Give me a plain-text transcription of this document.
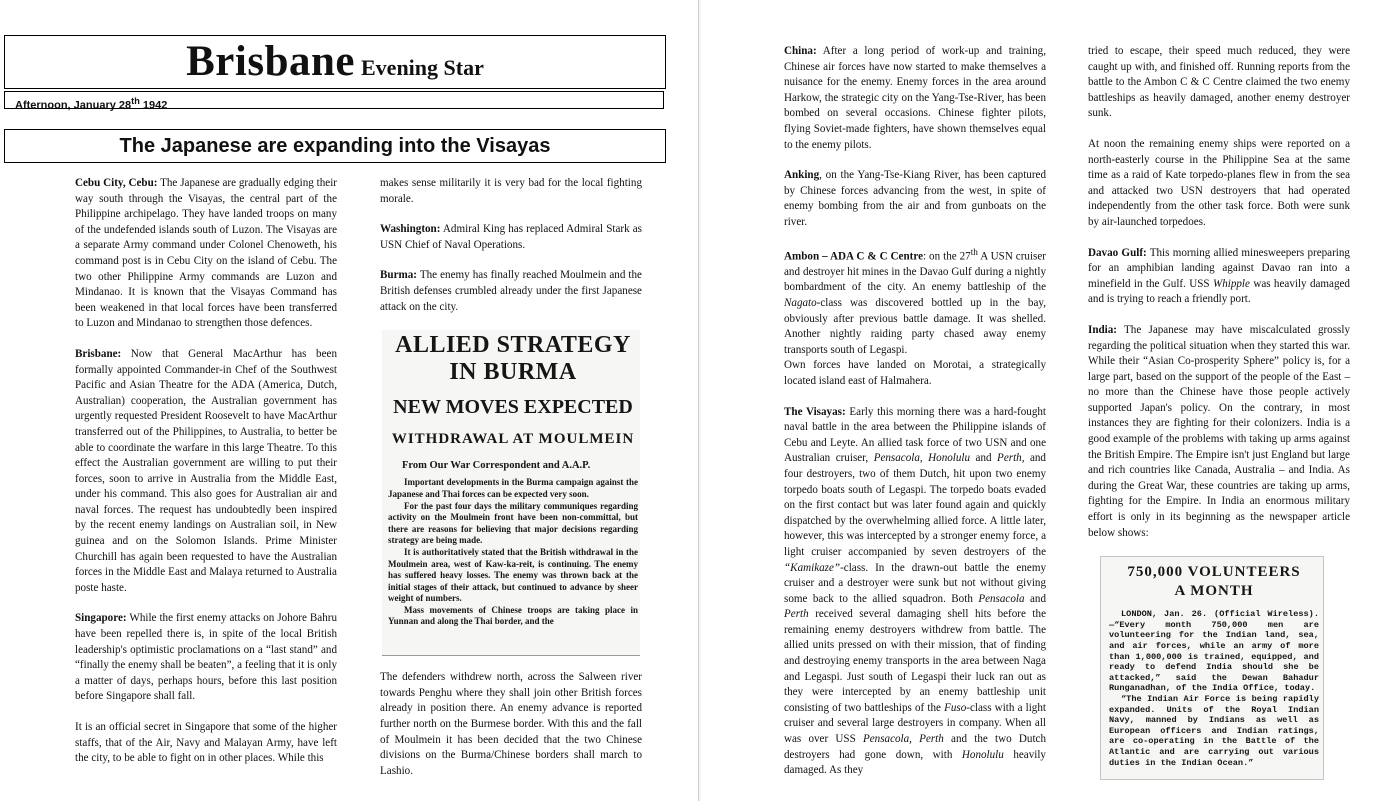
Brisbane Evening Star
Afternoon, January 28th 1942
The Japanese are expanding into the Visayas

Cebu City, Cebu: The Japanese are gradually edging their way south through the Visayas, the central part of the Philippine archipelago. They have landed troops on many of the undefended islands south of Luzon. The Visayas are a separate Army command under Colonel Chenoweth, his command post is in Cebu City on the island of Cebu. The two other Philippine Army commands are Luzon and Mindanao. It is known that the Visayas Command has been weakened in that local forces have been transferred to Luzon and Mindanao to strengthen those defences.

Brisbane: Now that General MacArthur has been formally appointed Commander-in Chef of the Southwest Pacific and Asian Theatre for the ADA (America, Dutch, Australian) cooperation, the Australian government has urgently requested President Roosevelt to have MacArthur transferred out of the Philippines, to Australia, to better be able to coordinate the warfare in this large Theatre. To this effect the Australian government are willing to put their forces, soon to arrive in Australia from the Middle East, under his command. This also goes for Australian air and naval forces. The request has undoubtedly been inspired by the recent enemy landings on Australian soil, in New guinea and on the Solomon Islands. Prime Minister Churchill has again been requested to have the Australian forces in the Middle East and Malaya returned to Australia poste haste.

Singapore: While the first enemy attacks on Johore Bahru have been repelled there is, in spite of the local British leadership's optimistic proclamations on a “last stand” and “finally the enemy shall be beaten”, a feeling that it is only a matter of days, perhaps hours, before this last position before Singapore shall fall.

It is an official secret in Singapore that some of the higher staffs, that of the Air, Navy and Malayan Army, have left the city, to be able to fight on in other places. While this

makes sense militarily it is very bad for the local fighting morale.

Washington: Admiral King has replaced Admiral Stark as USN Chief of Naval Operations.

Burma: The enemy has finally reached Moulmein and the British defenses crumbled already under the first Japanese attack on the city.

ALLIED STRATEGY IN BURMA
NEW MOVES EXPECTED
WITHDRAWAL AT MOULMEIN
From Our War Correspondent and A.A.P.

Important developments in the Burma campaign against the Japanese and Thai forces can be expected very soon.

For the past four days the military communiques regarding activity on the Moulmein front have been non-committal, but there are reasons for believing that major decisions regarding strategy are being made.

It is authoritatively stated that the British withdrawal in the Moulmein area, west of Kaw-ka-reit, is continuing. The enemy has suffered heavy losses. The enemy was thrown back at the initial stages of their attack, but continued to advance by sheer weight of numbers.

Mass movements of Chinese troops are taking place in Yunnan and along the Thai border, and the

The defenders withdrew north, across the Salween river towards Penghu where they shall join other British forces already in position there. An enemy advance is reported further north on the Burmese border. With this and the fall of Moulmein it has been decided that the two Chinese divisions on the Burma/Chinese borders shall march to Lashio.

China: After a long period of work-up and training, Chinese air forces have now started to make themselves a nuisance for the enemy. Enemy forces in the area around Harkow, the strategic city on the Yang-Tse-River, has been bombed on several occasions. Chinese fighter pilots, flying Soviet-made fighters, have shown themselves equal to the enemy pilots.

Anking, on the Yang-Tse-Kiang River, has been captured by Chinese forces advancing from the west, in spite of enemy bombing from the air and from gunboats on the river.

Ambon – ADA C & C Centre: on the 27th A USN cruiser and destroyer hit mines in the Davao Gulf during a nightly bombardment of the city. An enemy battleship of the Nagato-class was discovered bottled up in the bay, obviously after previous battle damage. It was shelled. Another nightly raiding party chased away enemy transports south of Legaspi.

Own forces have landed on Morotai, a strategically located island east of Halmahera.

The Visayas: Early this morning there was a hard-fought naval battle in the area between the Philippine islands of Cebu and Leyte. An allied task force of two USN and one Australian cruiser, Pensacola, Honolulu and Perth, and four destroyers, two of them Dutch, hit upon two enemy torpedo boats south of Legaspi. The torpedo boats evaded on the first contact but was later found again and quickly dispatched by the overwhelming allied force. A little later, however, this was intercepted by a stronger enemy force, a light cruiser accompanied by seven destroyers of the “Kamikaze”-class. In the drawn-out battle the enemy cruiser and a destroyer were sunk but not without giving some back to the allied squadron. Both Pensacola and Perth received several damaging shell hits before the remaining enemy destroyers withdrew from battle. The allied units pressed on with their mission, that of finding and destroying enemy transports in the area between Naga and Legaspi. Just south of Legaspi their luck ran out as they were intercepted by an enemy battleship unit consisting of two battleships of the Fuso-class with a light cruiser and several large destroyers in company. When all was over USS Pensacola, Perth and the two Dutch destroyers had gone down, with Honolulu heavily damaged. As they

tried to escape, their speed much reduced, they were caught up with, and finished off. Running reports from the battle to the Ambon C & C Centre claimed the two enemy battleships as heavily damaged, another enemy destroyer sunk.

At noon the remaining enemy ships were reported on a north-easterly course in the Philippine Sea at the same time as a raid of Kate torpedo-planes flew in from the sea and attacked two USN destroyers that had operated independently from the other task force. Both were sunk by air-launched torpedoes.

Davao Gulf: This morning allied minesweepers preparing for an amphibian landing against Davao ran into a minefield in the Gulf. USS Whipple was heavily damaged and is trying to reach a friendly port.

India: The Japanese may have miscalculated grossly regarding the political situation when they started this war. While their “Asian Co-prosperity Sphere” policy is, for a large part, based on the support of the people of the East – no more than the Chinese have those people actively supported Japan's policy. On the contrary, in most instances they are fighting for their colonizers. India is a good example of the problems with taking up arms against the British Empire. The Empire isn't just England but large and rich countries like Canada, Australia – and India. As during the Great War, these countries are taking up arms, fighting for the Empire. In India an enormous military effort is only in its beginning as the newspaper article below shows:

750,000 VOLUNTEERS
A MONTH

LONDON, Jan. 26. (Official Wireless).—“Every month 750,000 men are volunteering for the Indian land, sea, and air forces, while an army of more than 1,000,000 is trained, equipped, and ready to defend India should she be attacked,” said the Dewan Bahadur Runganadhan, of the India Office, today.

“The Indian Air Force is being rapidly expanded. Units of the Royal Indian Navy, manned by Indians as well as European officers and Indian ratings, are co-operating in the Battle of the Atlantic and are carrying out various duties in the Indian Ocean.”
